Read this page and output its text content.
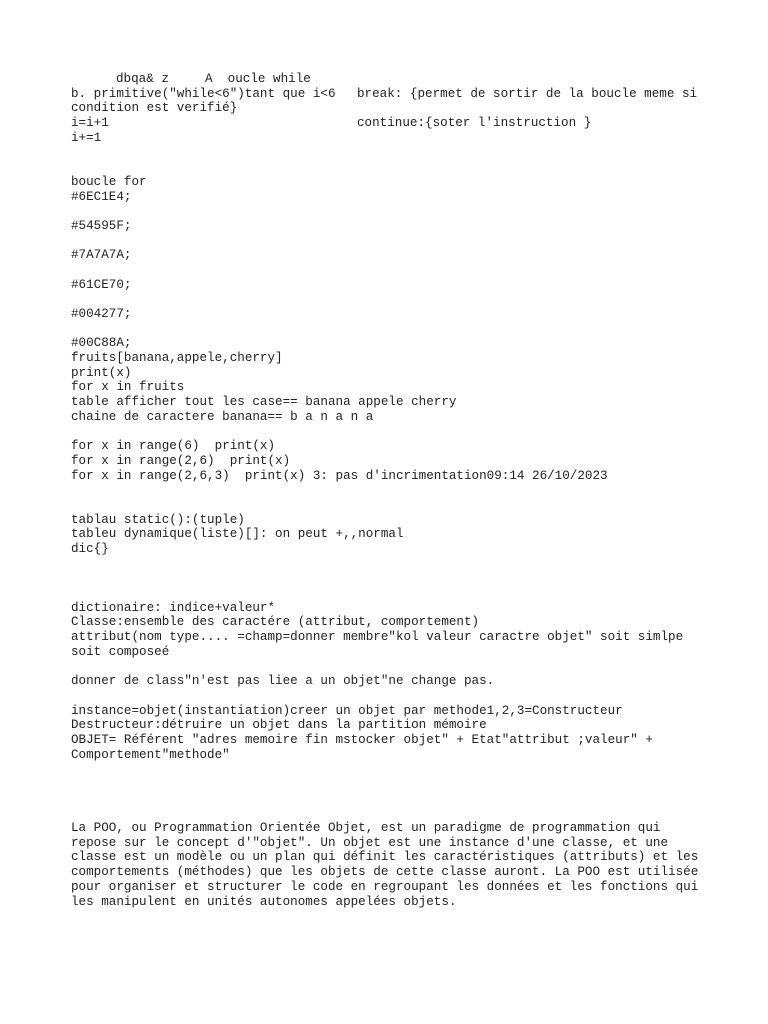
dbqa& z	A  oucle while
b. primitive("while<6")tant que i<6 break: {permet de sortir de la boucle meme si
condition est verifié}
i=i+1	continue:{soter l'instruction }
i+=1
boucle for
#6EC1E4;
#54595F;
#7A7A7A;
#61CE70;
#004277;
#00C88A;
fruits[banana,appele,cherry]
print(x)
for x in fruits
table afficher tout les case== banana appele cherry
chaine de caractere banana== b a n a n a
for x in range(6)  print(x)
for x in range(2,6)  print(x)
for x in range(2,6,3)  print(x) 3: pas d'incrimentation09:14 26/10/2023
tablau static():(tuple)
tableu dynamique(liste)[]: on peut +,,normal
dic{}
dictionaire: indice+valeur*
Classe:ensemble des caractére (attribut, comportement)
attribut(nom type.... =champ=donner membre"kol valeur caractre objet" soit simlpe
soit composeé
donner de class"n'est pas liee a un objet"ne change pas.
instance=objet(instantiation)creer un objet par methode1,2,3=Constructeur
Destructeur:détruire un objet dans la partition mémoire
OBJET= Référent "adres memoire fin mstocker objet" + Etat"attribut ;valeur" +
Comportement"methode"
La POO, ou Programmation Orientée Objet, est un paradigme de programmation qui
repose sur le concept d'"objet". Un objet est une instance d'une classe, et une
classe est un modèle ou un plan qui définit les caractéristiques (attributs) et les
comportements (méthodes) que les objets de cette classe auront. La POO est utilisée
pour organiser et structurer le code en regroupant les données et les fonctions qui
les manipulent en unités autonomes appelées objets.
